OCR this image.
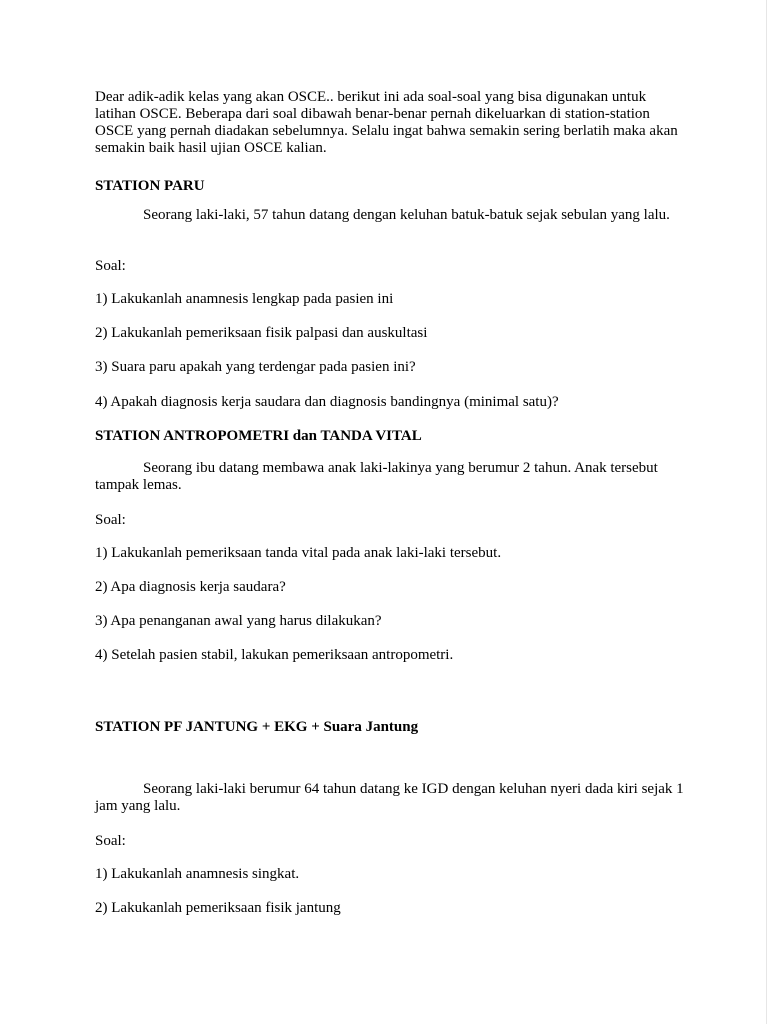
Dear adik-adik kelas yang akan OSCE.. berikut ini ada soal-soal yang bisa digunakan untuk latihan OSCE. Beberapa dari soal dibawah benar-benar pernah dikeluarkan di station-station OSCE yang pernah diadakan sebelumnya. Selalu ingat bahwa semakin sering berlatih maka akan semakin baik hasil ujian OSCE kalian.

STATION PARU

Seorang laki-laki, 57 tahun datang dengan keluhan batuk-batuk sejak sebulan yang lalu.

Soal:

1) Lakukanlah anamnesis lengkap pada pasien ini

2) Lakukanlah pemeriksaan fisik palpasi dan auskultasi

3) Suara paru apakah yang terdengar pada pasien ini?

4) Apakah diagnosis kerja saudara dan diagnosis bandingnya (minimal satu)?

STATION ANTROPOMETRI dan TANDA VITAL

Seorang ibu datang membawa anak laki-lakinya yang berumur 2 tahun. Anak tersebut tampak lemas.

Soal:

1) Lakukanlah pemeriksaan tanda vital pada anak laki-laki tersebut.

2) Apa diagnosis kerja saudara?

3) Apa penanganan awal yang harus dilakukan?

4) Setelah pasien stabil, lakukan pemeriksaan antropometri.

STATION PF JANTUNG + EKG + Suara Jantung

Seorang laki-laki berumur 64 tahun datang ke IGD dengan keluhan nyeri dada kiri sejak 1 jam yang lalu.

Soal:

1) Lakukanlah anamnesis singkat.

2) Lakukanlah pemeriksaan fisik jantung
